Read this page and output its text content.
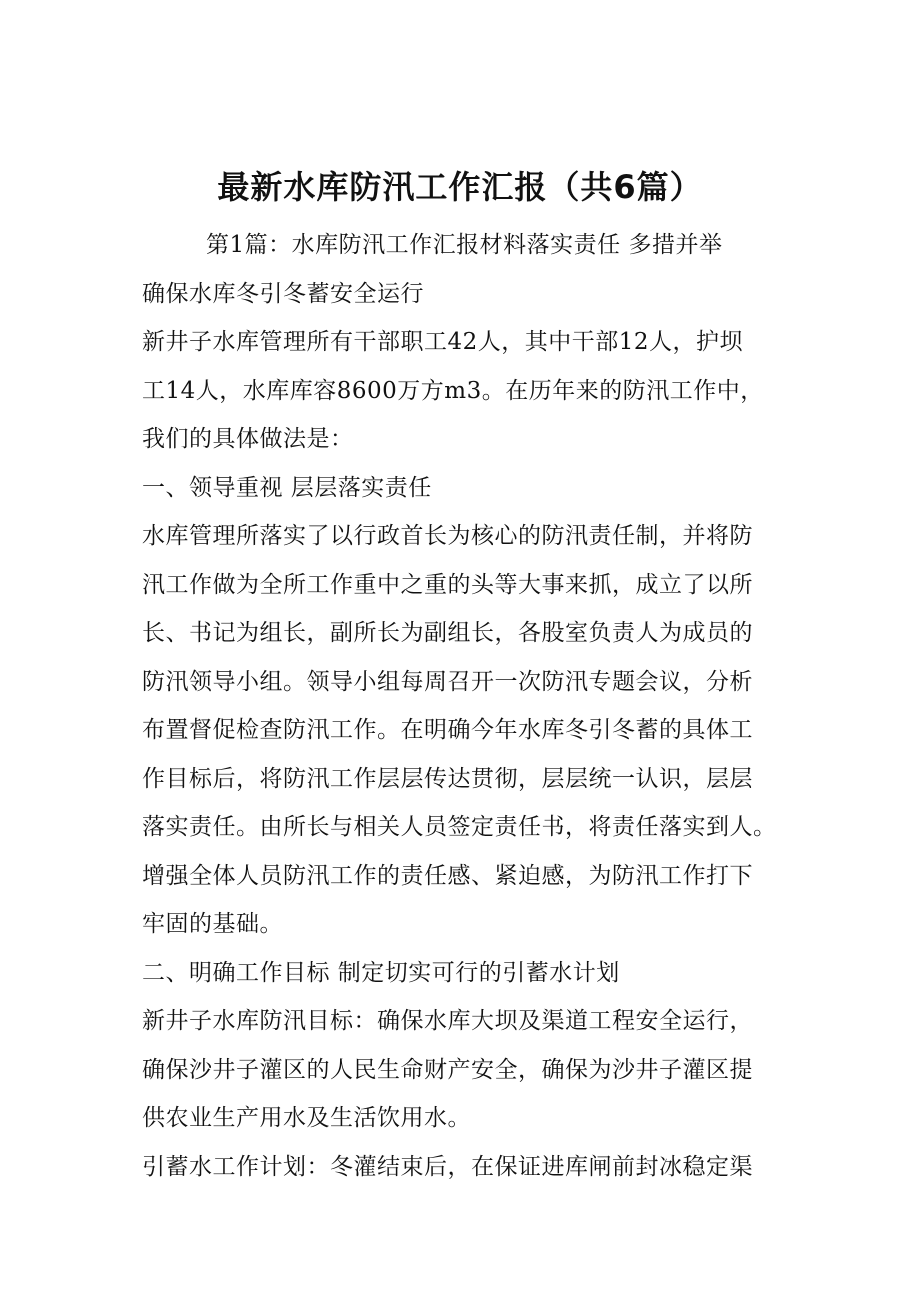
最新水库防汛工作汇报（共6篇）

第1篇：水库防汛工作汇报材料落实责任 多措并举

确保水库冬引冬蓄安全运行

新井子水库管理所有干部职工42人，其中干部12人，护坝

工14人，水库库容8600万方m3。在历年来的防汛工作中，

我们的具体做法是：

一、领导重视 层层落实责任

水库管理所落实了以行政首长为核心的防汛责任制，并将防

汛工作做为全所工作重中之重的头等大事来抓，成立了以所

长、书记为组长，副所长为副组长，各股室负责人为成员的

防汛领导小组。领导小组每周召开一次防汛专题会议，分析

布置督促检查防汛工作。在明确今年水库冬引冬蓄的具体工

作目标后，将防汛工作层层传达贯彻，层层统一认识，层层

落实责任。由所长与相关人员签定责任书，将责任落实到人。

增强全体人员防汛工作的责任感、紧迫感，为防汛工作打下

牢固的基础。

二、明确工作目标 制定切实可行的引蓄水计划

新井子水库防汛目标：确保水库大坝及渠道工程安全运行，

确保沙井子灌区的人民生命财产安全，确保为沙井子灌区提

供农业生产用水及生活饮用水。

引蓄水工作计划：冬灌结束后，在保证进库闸前封冰稳定渠
